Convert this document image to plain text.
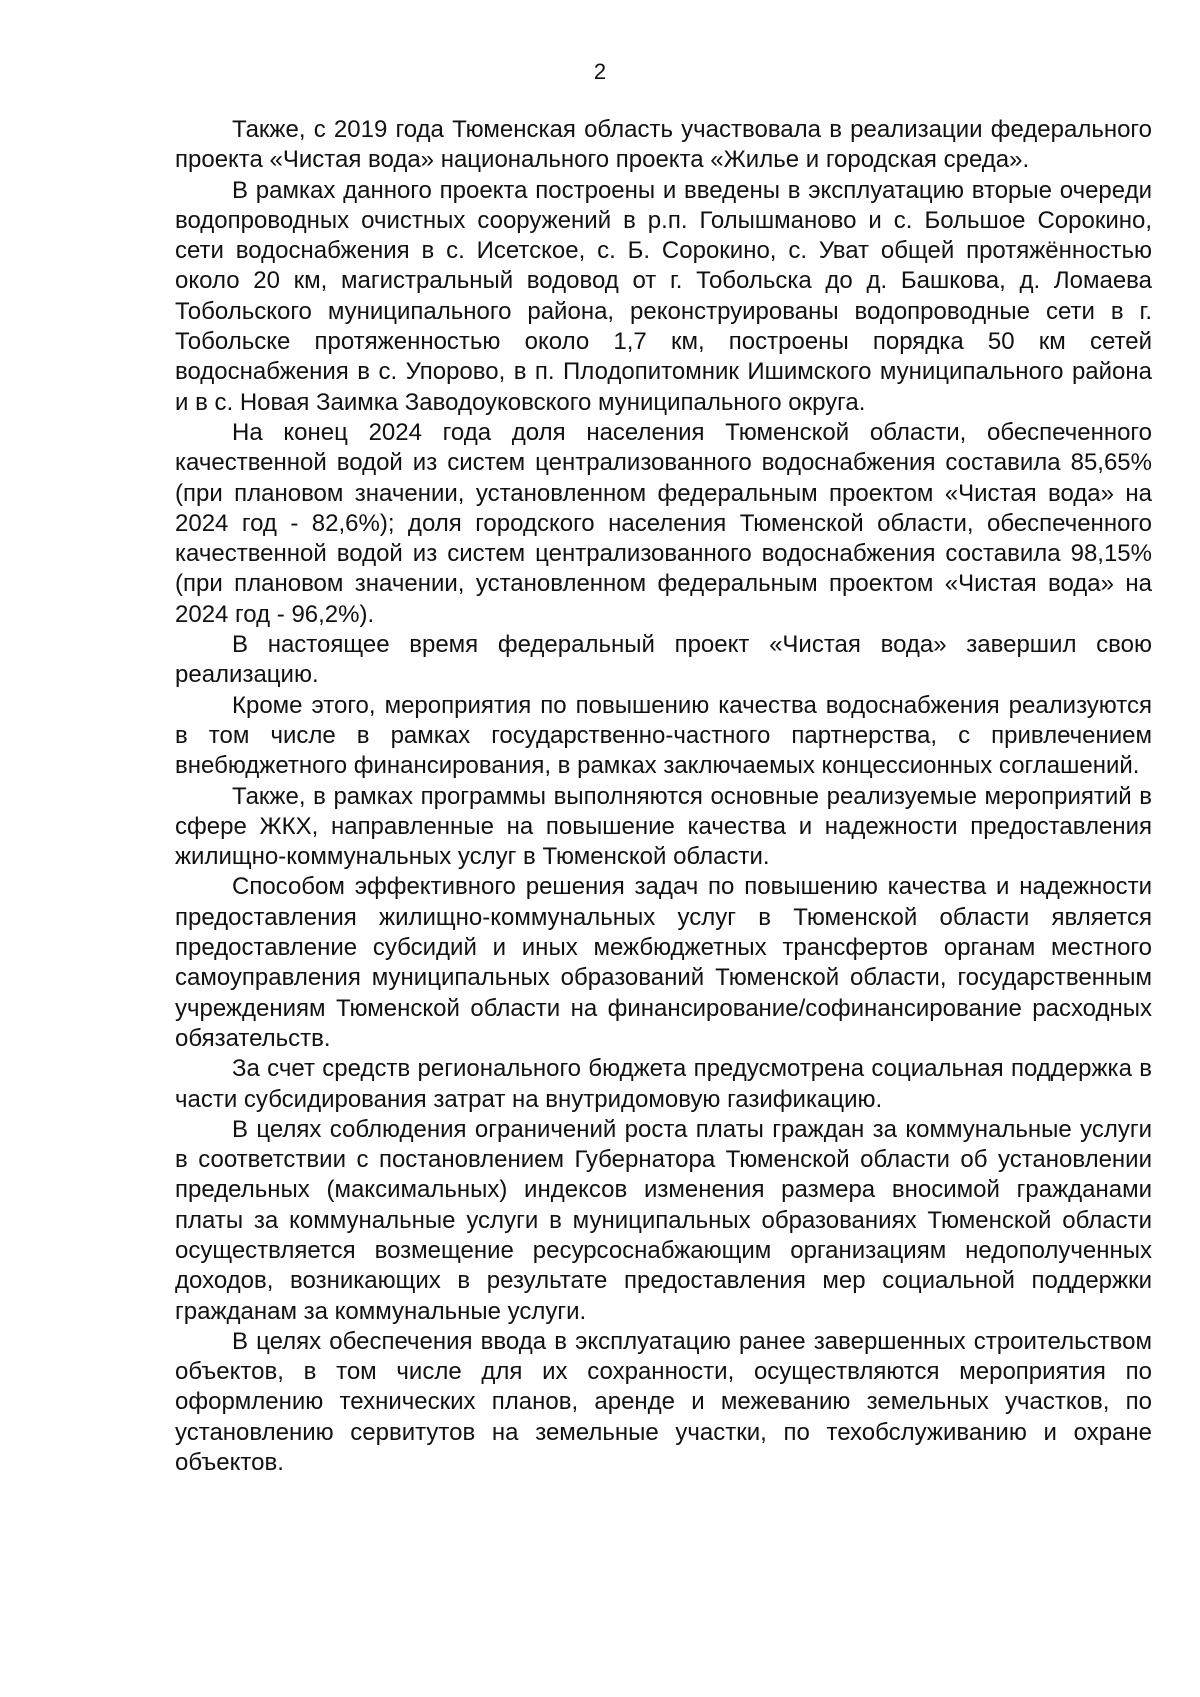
2

Также, с 2019 года Тюменская область участвовала в реализации федерального проекта «Чистая вода» национального проекта «Жилье и городская среда».

В рамках данного проекта построены и введены в эксплуатацию вторые очереди водопроводных очистных сооружений в р.п. Голышманово и с. Большое Сорокино, сети водоснабжения в с. Исетское, с. Б. Сорокино, с. Уват общей протяжённостью около 20 км, магистральный водовод от г. Тобольска до д. Башкова, д. Ломаева Тобольского муниципального района, реконструированы водопроводные сети в г. Тобольске протяженностью около 1,7 км, построены порядка 50 км сетей водоснабжения в с. Упорово, в п. Плодопитомник Ишимского муниципального района и в с. Новая Заимка Заводоуковского муниципального округа.

На конец 2024 года доля населения Тюменской области, обеспеченного качественной водой из систем централизованного водоснабжения составила 85,65% (при плановом значении, установленном федеральным проектом «Чистая вода» на 2024 год - 82,6%); доля городского населения Тюменской области, обеспеченного качественной водой из систем централизованного водоснабжения составила 98,15% (при плановом значении, установленном федеральным проектом «Чистая вода» на 2024 год - 96,2%).

В настоящее время федеральный проект «Чистая вода» завершил свою реализацию.

Кроме этого, мероприятия по повышению качества водоснабжения реализуются в том числе в рамках государственно-частного партнерства, с привлечением внебюджетного финансирования, в рамках заключаемых концессионных соглашений.

Также, в рамках программы выполняются основные реализуемые мероприятий в сфере ЖКХ, направленные на повышение качества и надежности предоставления жилищно-коммунальных услуг в Тюменской области.

Способом эффективного решения задач по повышению качества и надежности предоставления жилищно-коммунальных услуг в Тюменской области является предоставление субсидий и иных межбюджетных трансфертов органам местного самоуправления муниципальных образований Тюменской области, государственным учреждениям Тюменской области на финансирование/софинансирование расходных обязательств.

За счет средств регионального бюджета предусмотрена социальная поддержка в части субсидирования затрат на внутридомовую газификацию.

В целях соблюдения ограничений роста платы граждан за коммунальные услуги в соответствии с постановлением Губернатора Тюменской области об установлении предельных (максимальных) индексов изменения размера вносимой гражданами платы за коммунальные услуги в муниципальных образованиях Тюменской области осуществляется возмещение ресурсоснабжающим организациям недополученных доходов, возникающих в результате предоставления мер социальной поддержки гражданам за коммунальные услуги.

В целях обеспечения ввода в эксплуатацию ранее завершенных строительством объектов, в том числе для их сохранности, осуществляются мероприятия по оформлению технических планов, аренде и межеванию земельных участков, по установлению сервитутов на земельные участки, по техобслуживанию и охране объектов.
